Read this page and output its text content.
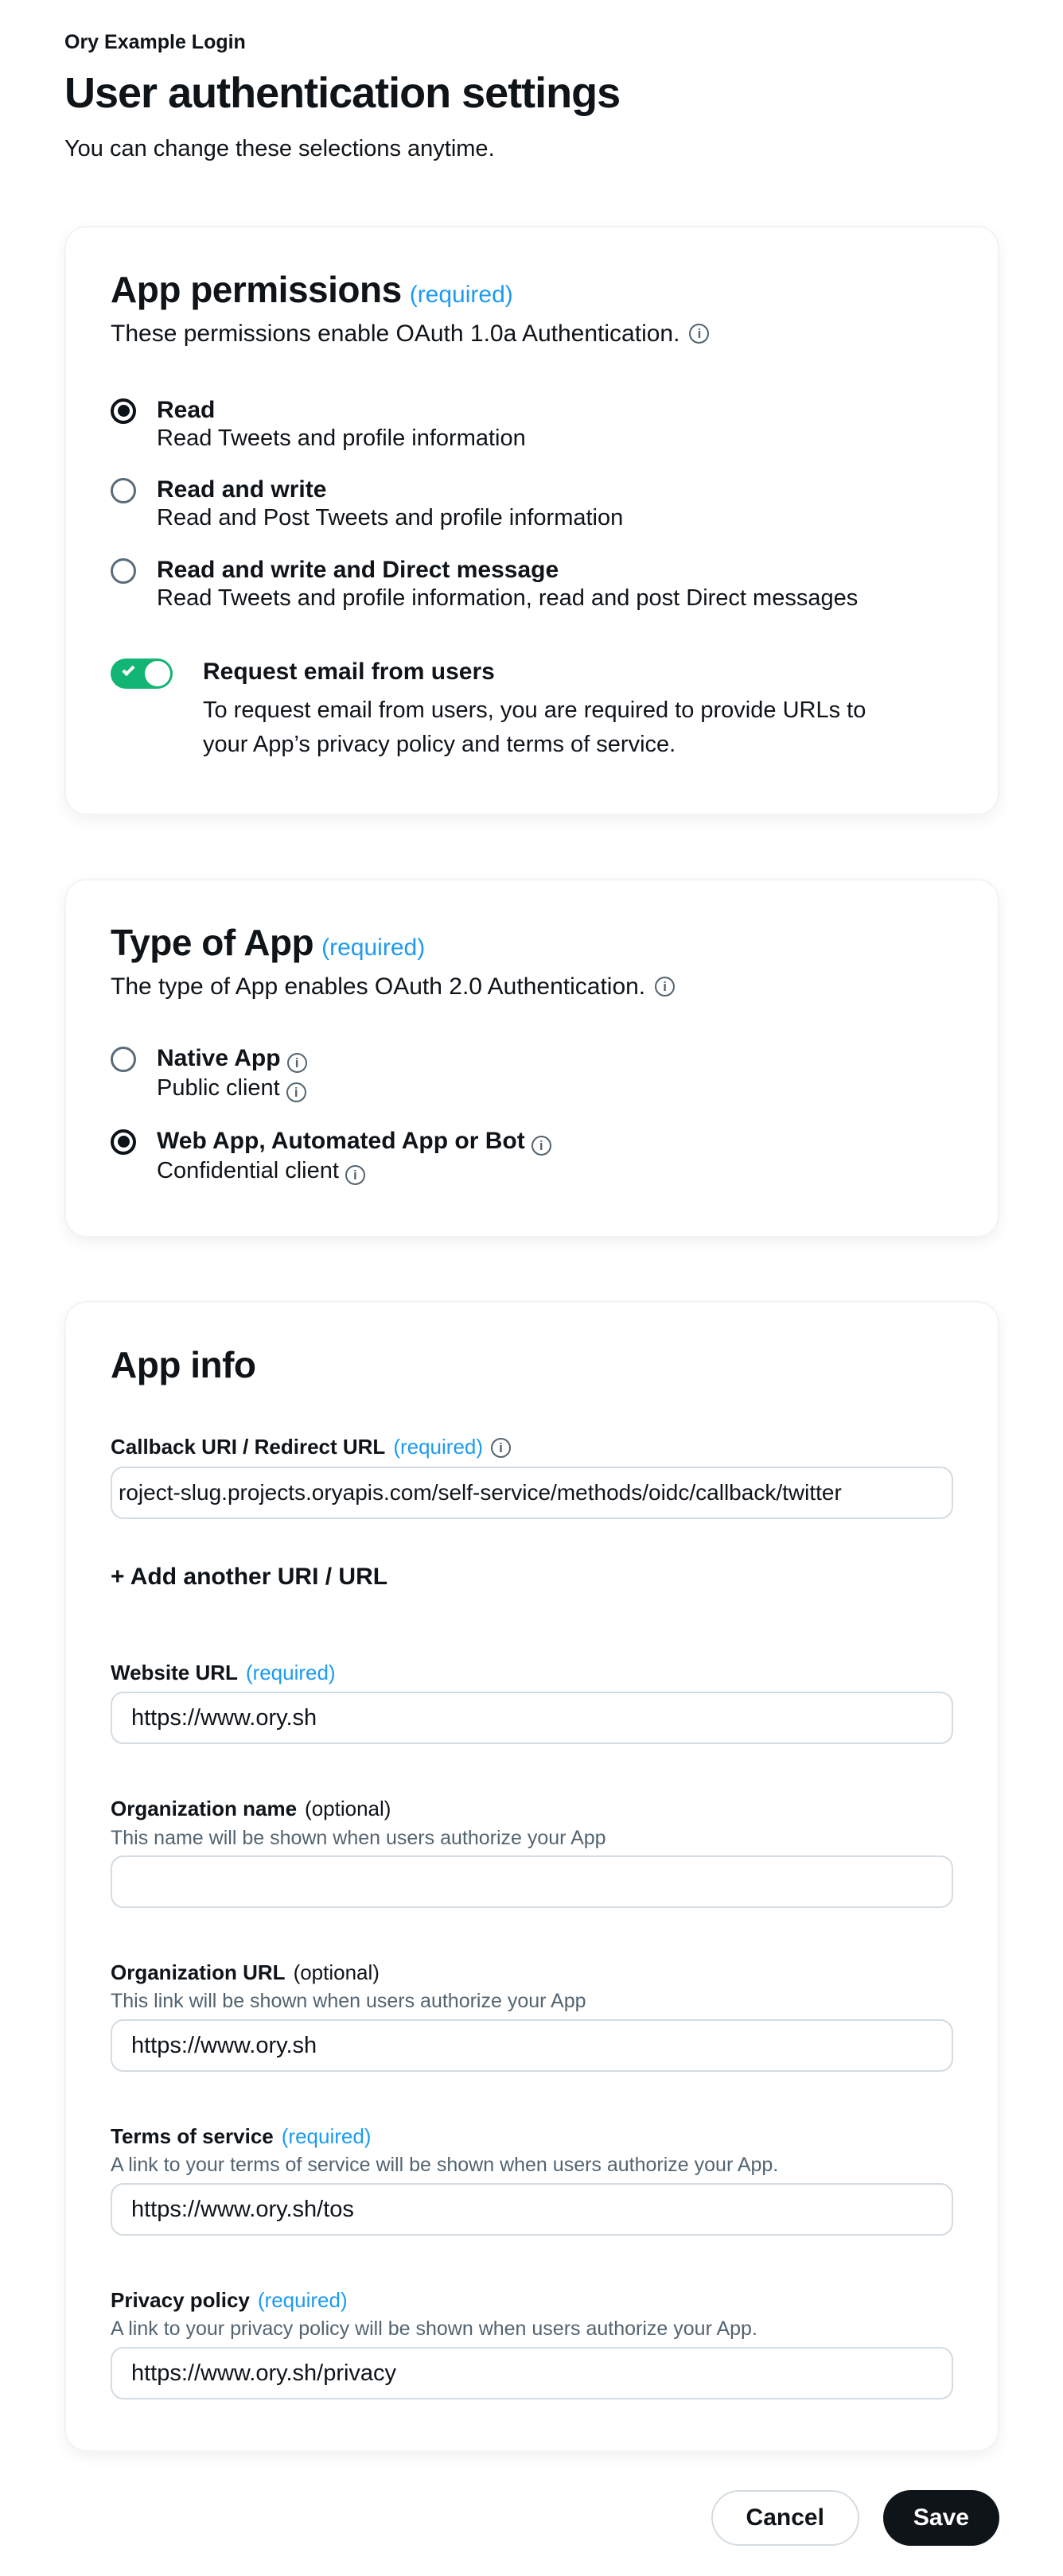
Ory Example Login
User authentication settings

You can change these selections anytime.

App permissions (required)

These permissions enable OAuth 1.0a Authentication.	i

Read
Read Tweets and profile information
Read and write
Read and Post Tweets and profile information
Read and write and Direct message
Read Tweets and profile information, read and post Direct messages
Request email from users
To request email from users, you are required to provide URLs to your App’s privacy policy and terms of service.
Type of App (required)

The type of App enables OAuth 2.0 Authentication.	i

Native App i
Public client i
Web App, Automated App or Bot i
Confidential client i
App info
Callback URI / Redirect URL (required)	i
roject-slug.projects.oryapis.com/self-service/methods/oidc/callback/twitter
+ Add another URI / URL
Website URL (required)
https://www.ory.sh
Organization name (optional)
This name will be shown when users authorize your App
Organization URL (optional)
This link will be shown when users authorize your App
https://www.ory.sh
Terms of service (required)
A link to your terms of service will be shown when users authorize your App.
https://www.ory.sh/tos
Privacy policy (required)
A link to your privacy policy will be shown when users authorize your App.
https://www.ory.sh/privacy
Cancel	Save
